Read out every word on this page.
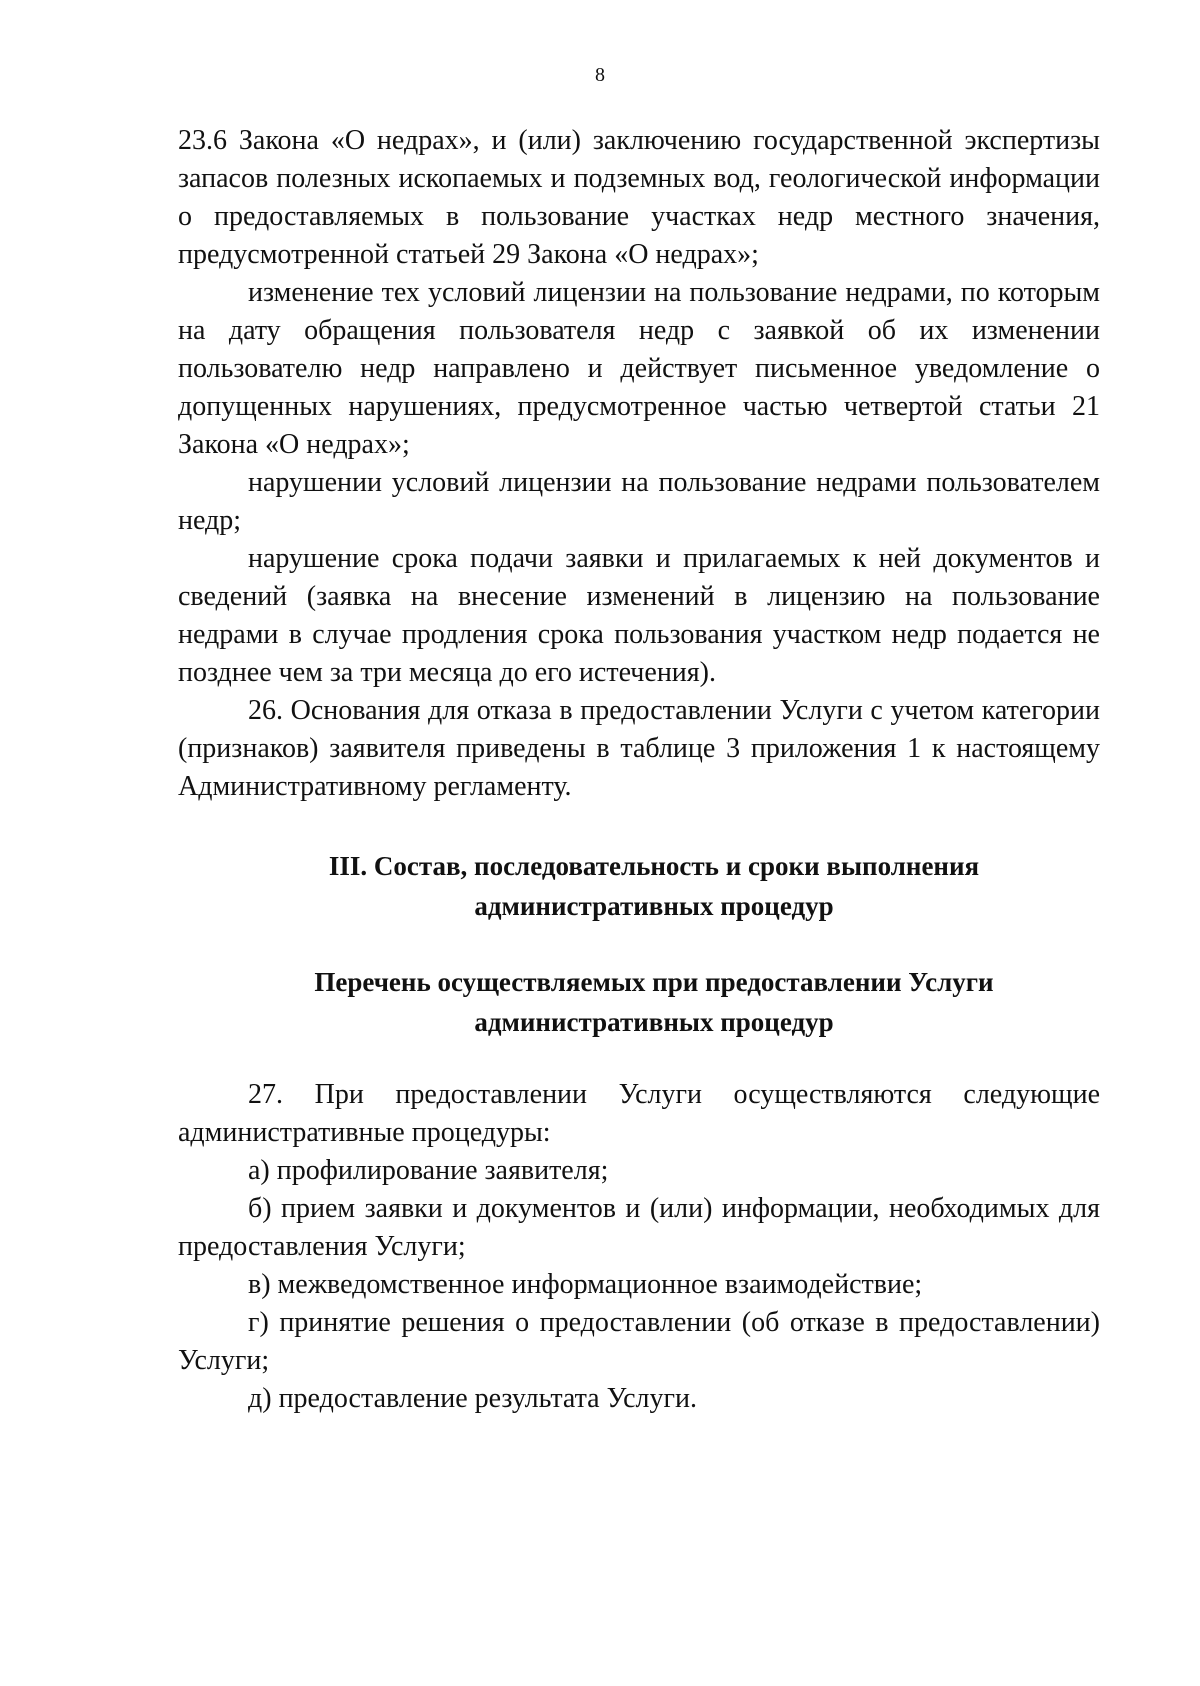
8

23.6 Закона «О недрах», и (или) заключению государственной экспертизы запасов полезных ископаемых и подземных вод, геологической информации о предоставляемых в пользование участках недр местного значения, предусмотренной статьей 29 Закона «О недрах»;

изменение тех условий лицензии на пользование недрами, по которым на дату обращения пользователя недр с заявкой об их изменении пользователю недр направлено и действует письменное уведомление о допущенных нарушениях, предусмотренное частью четвертой статьи 21 Закона «О недрах»;

нарушении условий лицензии на пользование недрами пользователем недр;

нарушение срока подачи заявки и прилагаемых к ней документов и сведений (заявка на внесение изменений в лицензию на пользование недрами в случае продления срока пользования участком недр подается не позднее чем за три месяца до его истечения).

26. Основания для отказа в предоставлении Услуги с учетом категории (признаков) заявителя приведены в таблице 3 приложения 1 к настоящему Административному регламенту.

III. Состав, последовательность и сроки выполнения

административных процедур

Перечень осуществляемых при предоставлении Услуги

административных процедур

27. При предоставлении Услуги осуществляются следующие административные процедуры:

а) профилирование заявителя;

б) прием заявки и документов и (или) информации, необходимых для предоставления Услуги;

в) межведомственное информационное взаимодействие;

г) принятие решения о предоставлении (об отказе в предоставлении) Услуги;

д) предоставление результата Услуги.
